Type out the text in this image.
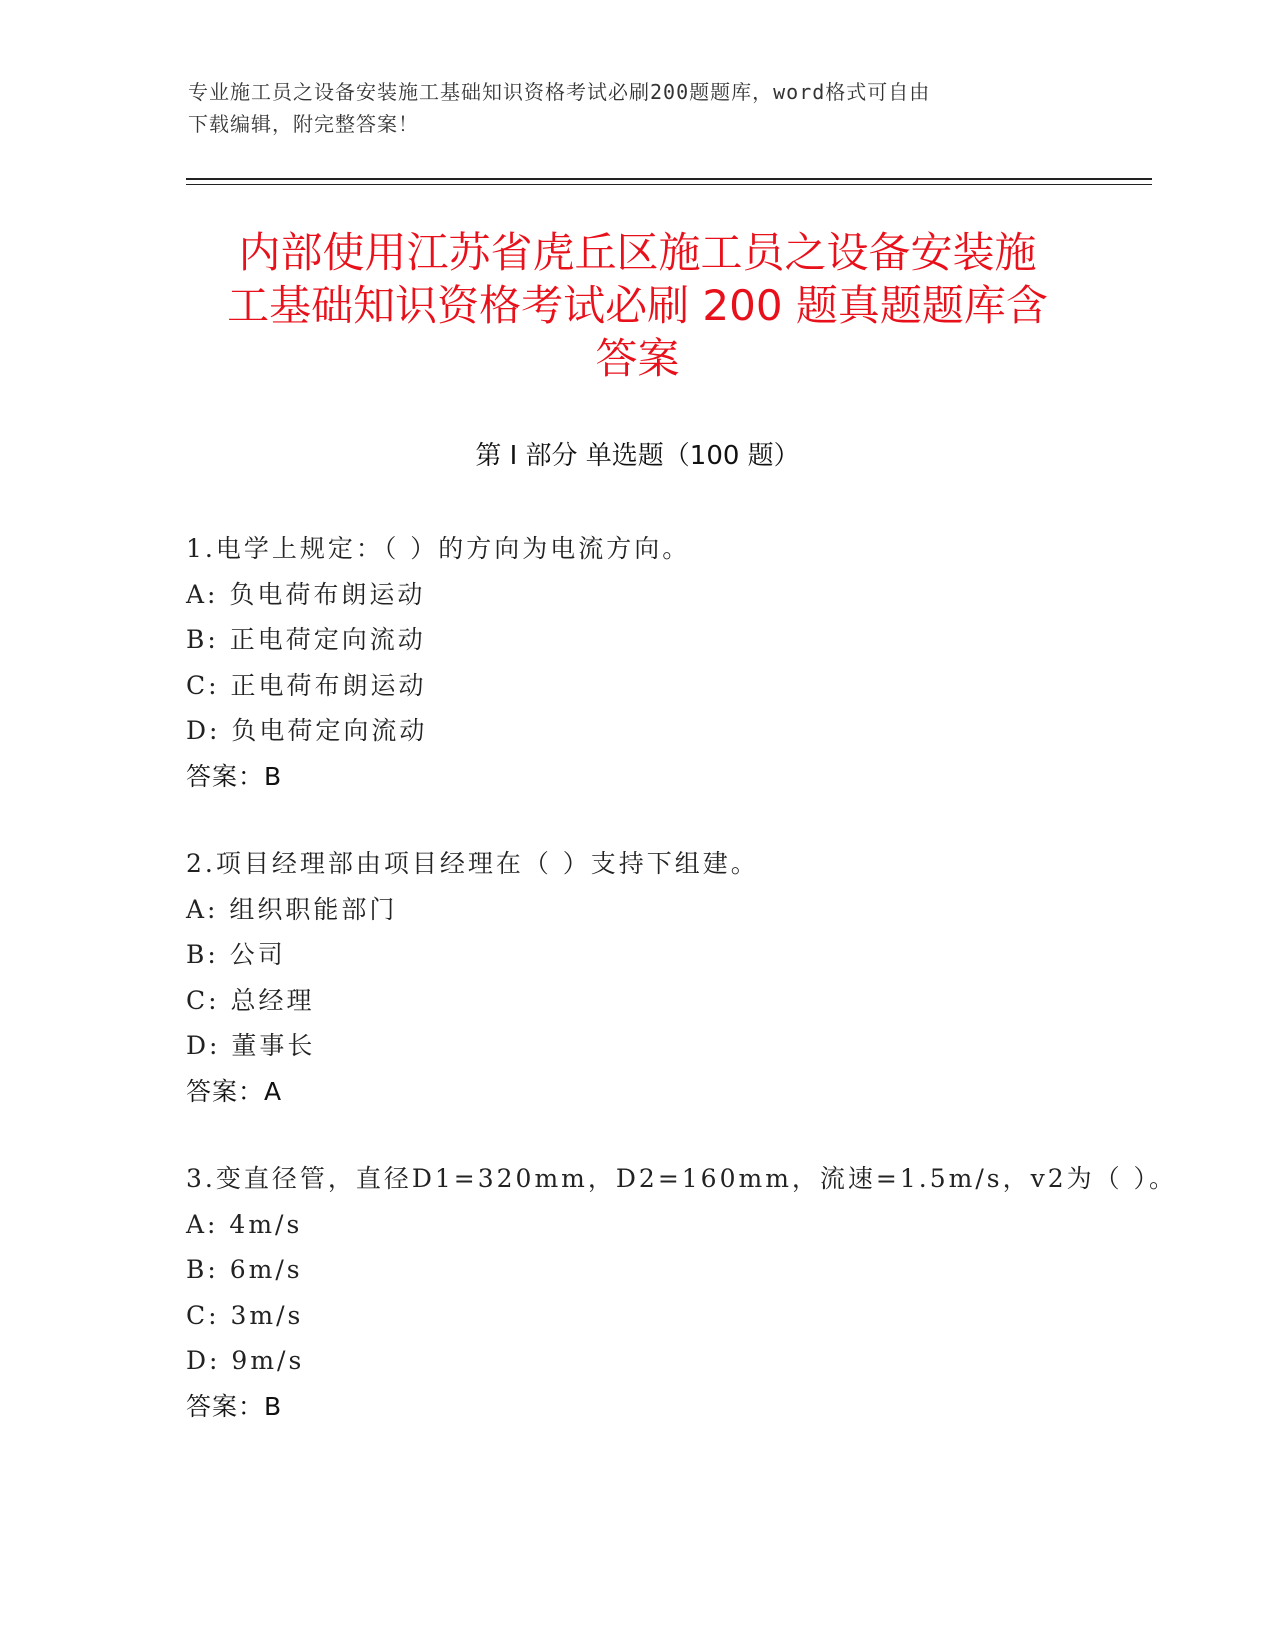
专业施工员之设备安装施工基础知识资格考试必刷200题题库，word格式可自由
下载编辑，附完整答案！
内部使用江苏省虎丘区施工员之设备安装施
工基础知识资格考试必刷 200 题真题题库含
答案
第 I 部分 单选题（100 题）
1.电学上规定：（ ）的方向为电流方向。
A: 负电荷布朗运动
B: 正电荷定向流动
C: 正电荷布朗运动
D: 负电荷定向流动
答案：B
2.项目经理部由项目经理在（ ）支持下组建。
A: 组织职能部门
B: 公司
C: 总经理
D: 董事长
答案：A
3.变直径管，直径D1=320mm，D2=160mm，流速=1.5m/s，v2为（ ）。
A: 4m/s
B: 6m/s
C: 3m/s
D: 9m/s
答案：B
